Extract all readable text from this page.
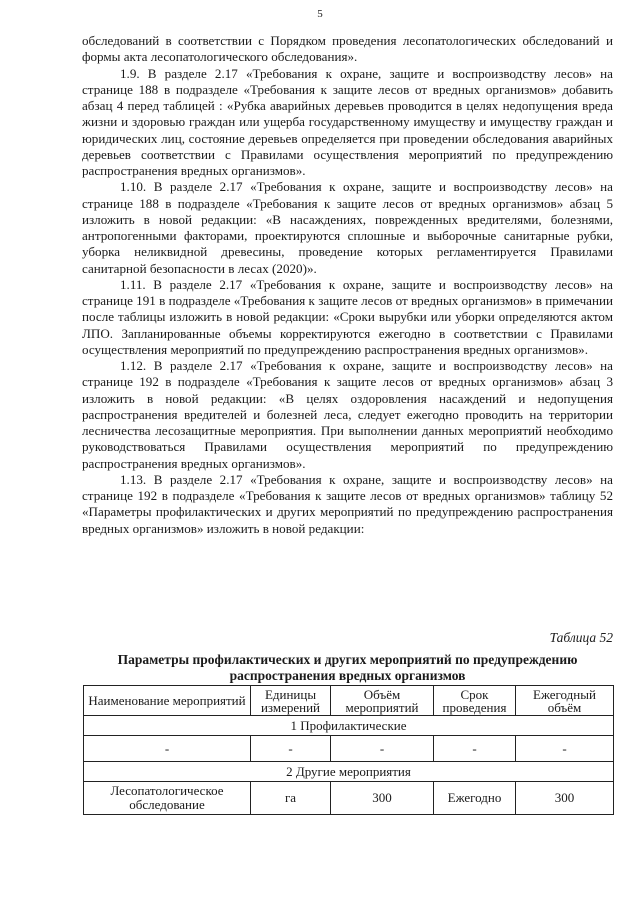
5

обследований в соответствии с Порядком проведения лесопатологических обследований и формы акта лесопатологического обследования».

1.9. В разделе 2.17 «Требования к охране, защите и воспроизводству лесов» на странице 188 в подразделе «Требования к защите лесов от вредных организмов» добавить абзац 4 перед таблицей : «Рубка аварийных деревьев проводится в целях недопущения вреда жизни и здоровью граждан или ущерба государственному имуществу и имуществу граждан и юридических лиц, состояние деревьев определяется при проведении обследования аварийных деревьев соответствии с Правилами осуществления мероприятий по предупреждению распространения вредных организмов».

1.10. В разделе 2.17 «Требования к охране, защите и воспроизводству лесов» на странице 188 в подразделе «Требования к защите лесов от вредных организмов» абзац 5 изложить в новой редакции: «В насаждениях, поврежденных вредителями, болезнями, антропогенными факторами, проектируются сплошные и выборочные санитарные рубки, уборка неликвидной древесины, проведение которых регламентируется Правилами санитарной безопасности в лесах (2020)».

1.11. В разделе 2.17 «Требования к охране, защите и воспроизводству лесов» на странице 191 в подразделе «Требования к защите лесов от вредных организмов» в примечании после таблицы изложить в новой редакции: «Сроки вырубки или уборки определяются актом ЛПО. Запланированные объемы корректируются ежегодно в соответствии с Правилами осуществления мероприятий по предупреждению распространения вредных организмов».

1.12. В разделе 2.17 «Требования к охране, защите и воспроизводству лесов» на странице 192 в подразделе «Требования к защите лесов от вредных организмов» абзац 3 изложить в новой редакции: «В целях оздоровления насаждений и недопущения распространения вредителей и болезней леса, следует ежегодно проводить на территории лесничества лесозащитные мероприятия. При выполнении данных мероприятий необходимо руководствоваться Правилами осуществления мероприятий по предупреждению распространения вредных организмов».

1.13. В разделе 2.17 «Требования к охране, защите и воспроизводству лесов» на странице 192 в подразделе «Требования к защите лесов от вредных организмов» таблицу 52 «Параметры профилактических и других мероприятий по предупреждению распространения вредных организмов» изложить в новой редакции:

Таблица 52
Параметры профилактических и других мероприятий по предупреждению распространения вредных организмов
Наименование мероприятий	Единицы измерений	Объём мероприятий	Срок проведения	Ежегодный объём
1 Профилактические				
-	-	-	-	-
2 Другие мероприятия				
Лесопатологическое обследование	га	300	Ежегодно	300
